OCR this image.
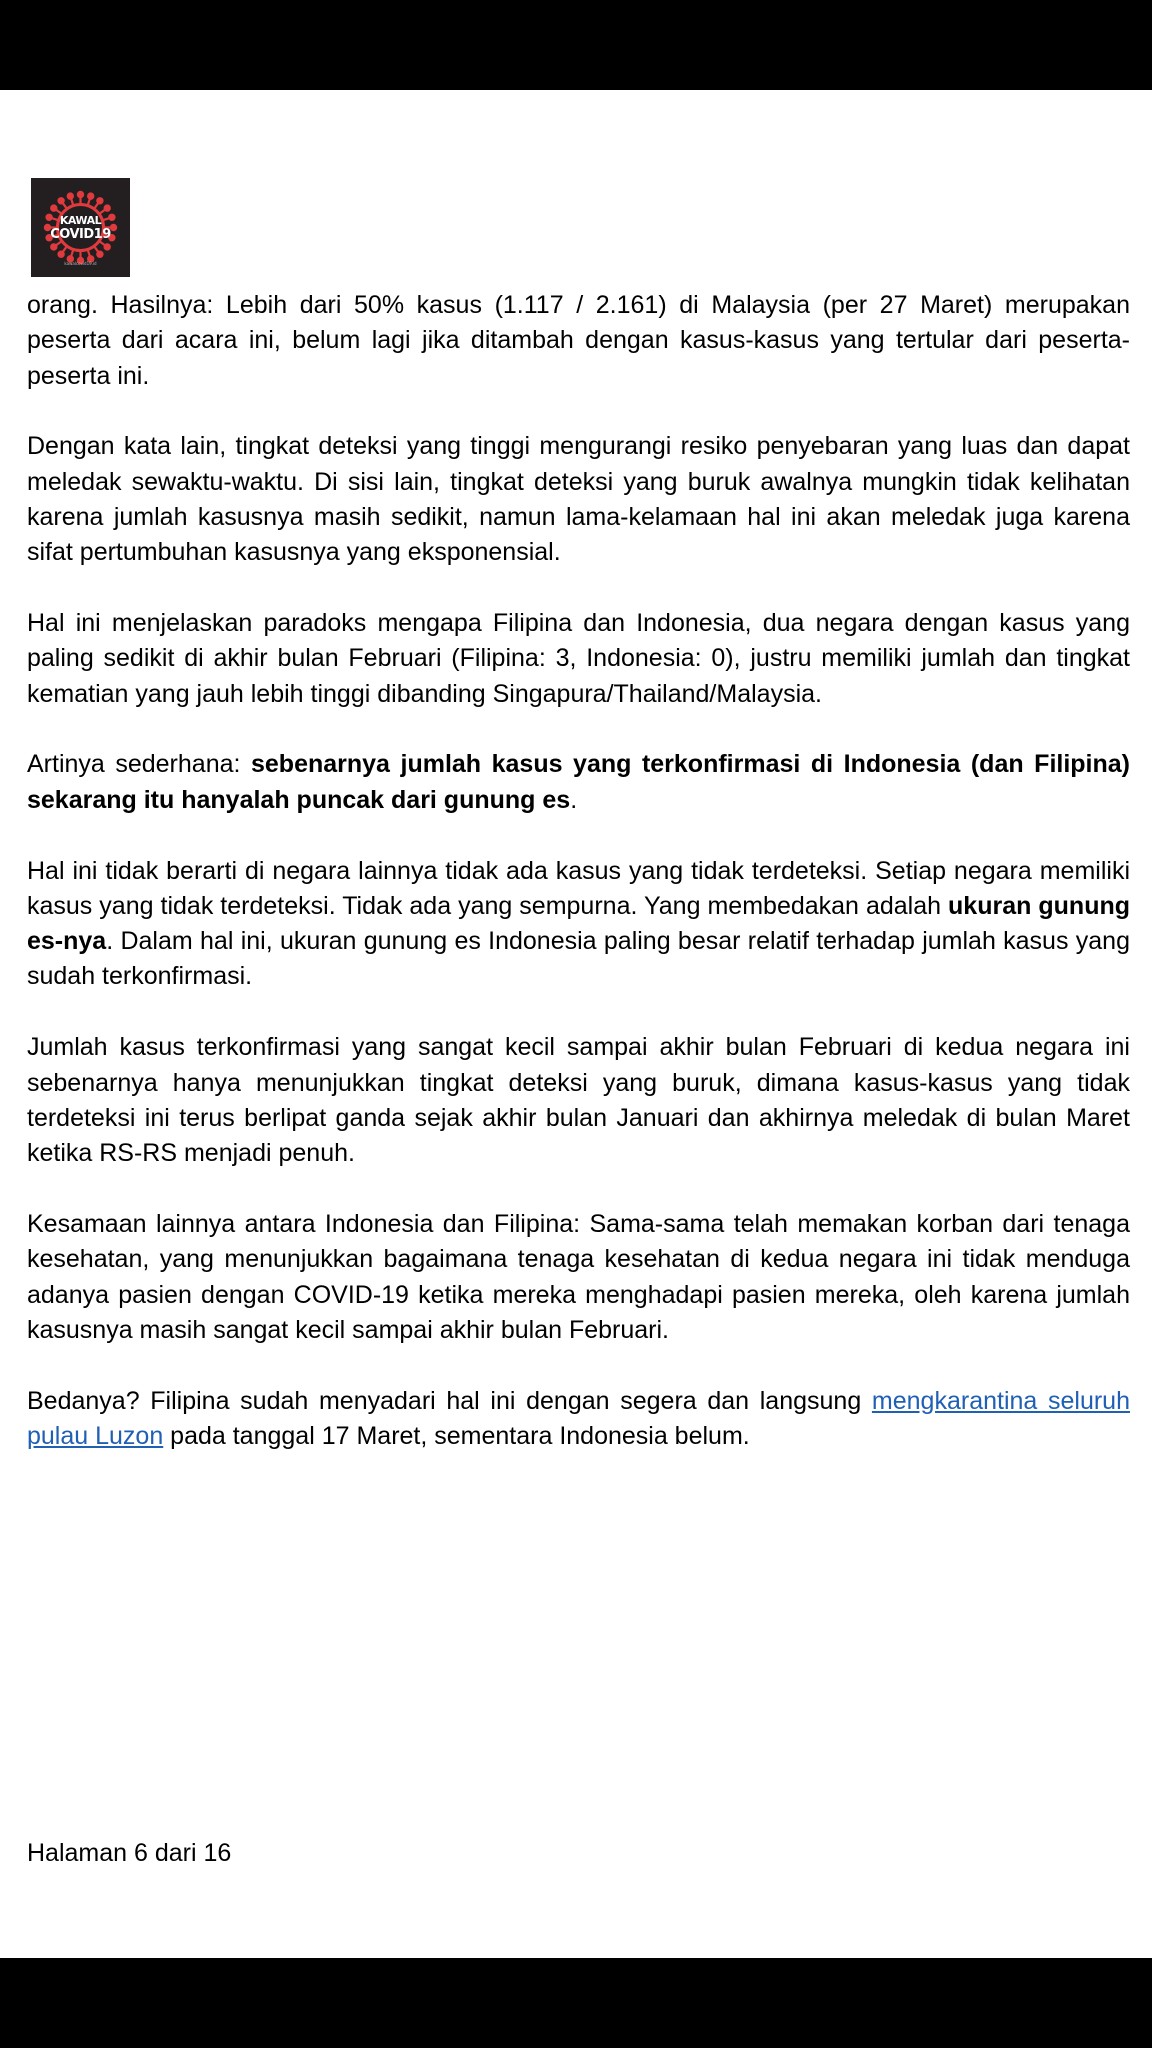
KAWAL
COVID19
kawalcovid19.id

orang. Hasilnya: Lebih dari 50% kasus (1.117 / 2.161) di Malaysia (per 27 Maret) merupakan peserta dari acara ini, belum lagi jika ditambah dengan kasus-kasus yang tertular dari peserta-peserta ini.

Dengan kata lain, tingkat deteksi yang tinggi mengurangi resiko penyebaran yang luas dan dapat meledak sewaktu-waktu. Di sisi lain, tingkat deteksi yang buruk awalnya mungkin tidak kelihatan karena jumlah kasusnya masih sedikit, namun lama-kelamaan hal ini akan meledak juga karena sifat pertumbuhan kasusnya yang eksponensial.

Hal ini menjelaskan paradoks mengapa Filipina dan Indonesia, dua negara dengan kasus yang paling sedikit di akhir bulan Februari (Filipina: 3, Indonesia: 0), justru memiliki jumlah dan tingkat kematian yang jauh lebih tinggi dibanding Singapura/Thailand/Malaysia.

Artinya sederhana: sebenarnya jumlah kasus yang terkonfirmasi di Indonesia (dan Filipina) sekarang itu hanyalah puncak dari gunung es.

Hal ini tidak berarti di negara lainnya tidak ada kasus yang tidak terdeteksi. Setiap negara memiliki kasus yang tidak terdeteksi. Tidak ada yang sempurna. Yang membedakan adalah ukuran gunung es-nya. Dalam hal ini, ukuran gunung es Indonesia paling besar relatif terhadap jumlah kasus yang sudah terkonfirmasi.

Jumlah kasus terkonfirmasi yang sangat kecil sampai akhir bulan Februari di kedua negara ini sebenarnya hanya menunjukkan tingkat deteksi yang buruk, dimana kasus-kasus yang tidak terdeteksi ini terus berlipat ganda sejak akhir bulan Januari dan akhirnya meledak di bulan Maret ketika RS-RS menjadi penuh.

Kesamaan lainnya antara Indonesia dan Filipina: Sama-sama telah memakan korban dari tenaga kesehatan, yang menunjukkan bagaimana tenaga kesehatan di kedua negara ini tidak menduga adanya pasien dengan COVID-19 ketika mereka menghadapi pasien mereka, oleh karena jumlah kasusnya masih sangat kecil sampai akhir bulan Februari.

Bedanya? Filipina sudah menyadari hal ini dengan segera dan langsung mengkarantina seluruh pulau Luzon pada tanggal 17 Maret, sementara Indonesia belum.

Halaman 6 dari 16
